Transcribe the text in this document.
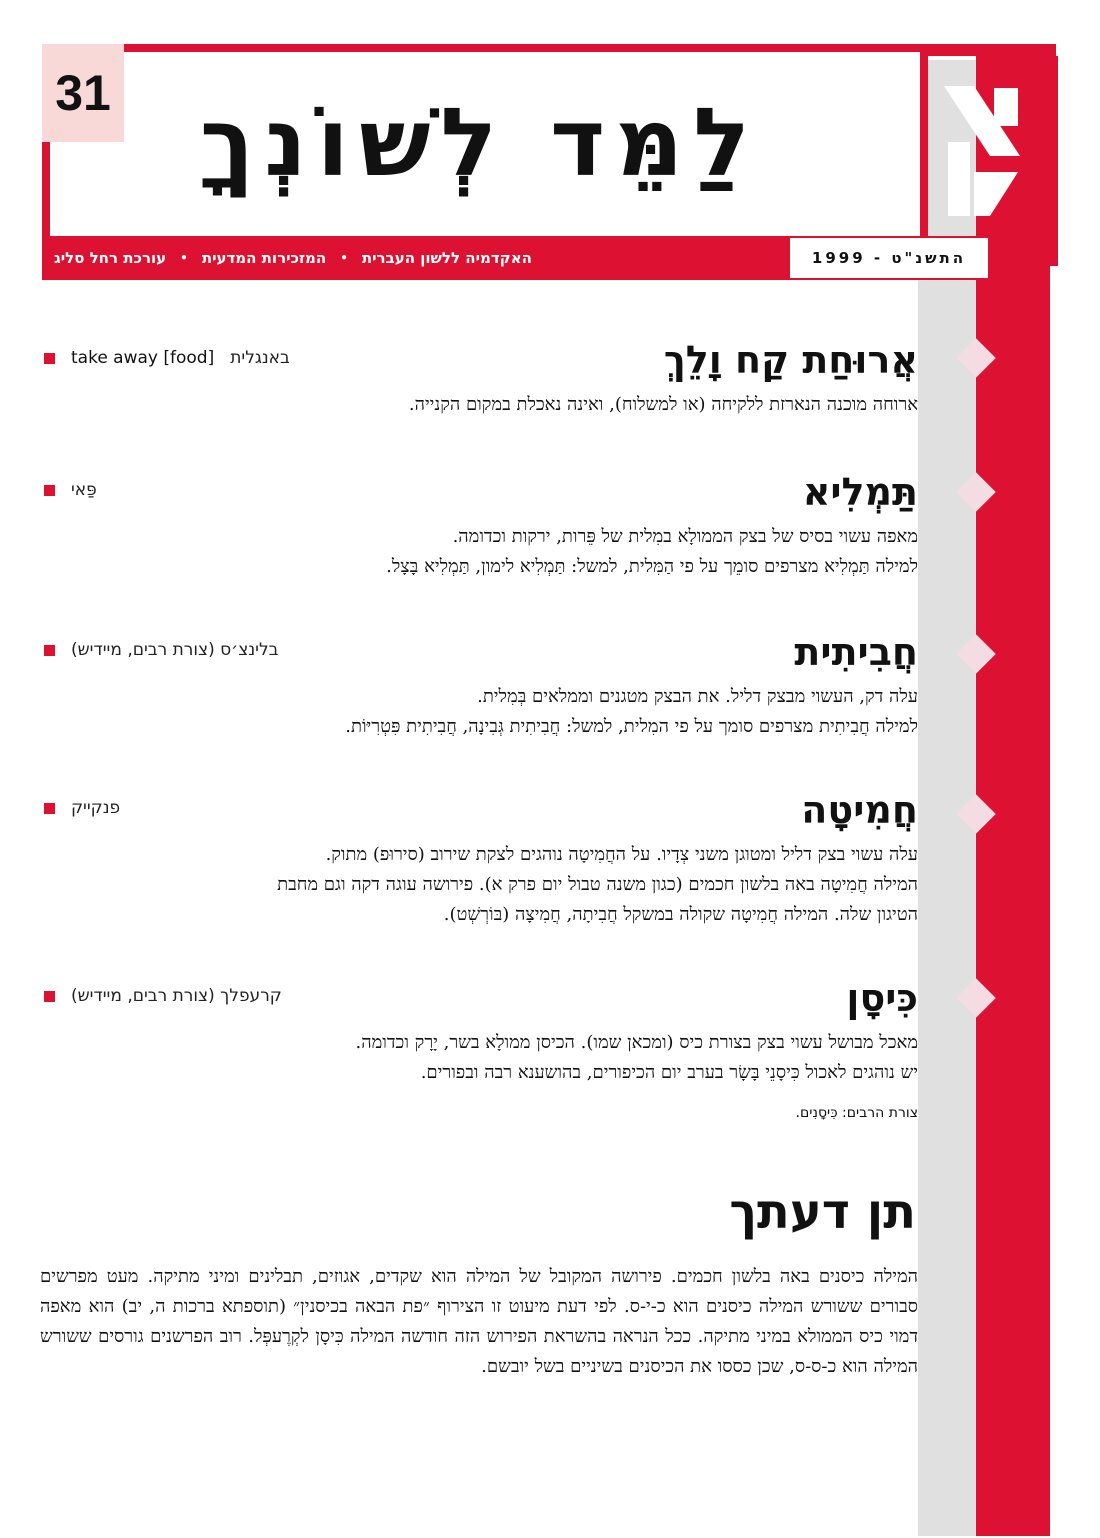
31 לַמֵּד לְשׁוֹנְךָ
התשנ"ט - 1999
האקדמיה ללשון העברית
•
המזכירות המדעית
•
עורכת רחל סליג
אֲרוּחַת קַח וָלֵךְ
take away [food] באנגלית

ארוחה מוכנה הנארזת ללקיחה (או למשלוח), ואינה נאכלת במקום הקנייה.

תַּמְלִיא
פַּאי

מאפה עשוי בסיס של בצק הממולָא במִלית של פֵּרות, ירקות וכדומה.

למילה תַּמְלִיא מצרפים סומֵך על פי הַמִּלית, למשל: תַּמְלִיא לימון, תַּמְלִיא בָּצָל.

חֲבִיתִית
בלינצ׳ס (צורת רבים, מיידיש)

עלה דק, העשוי מבצק דליל. את הבצק מטגנים וממלאים בְּמִלית.

למילה חֲבִיתִית מצרפים סומך על פי המִלית, למשל: חֲבִיתִית גְּבִינָה, חֲבִיתִית פִּטְרִיּוֹת.

חֲמִיטָה
פנקייק

עלה עשוי בצק דליל ומטוגן משני צְדָיו. על החֲמִיטָה נוהגים לצקת שירוב (סירוּפ) מתוק.

המילה חֲמִיטָה באה בלשון חכמים (כגון משנה טבול יום פרק א). פירושה עוגה דקה וגם מחבת

הטיגון שלה. המילה חֲמִיטָה שקולה במשקל חֲבִיתָה, חֲמִיצָה (בּוֹרְשְׁט).

כִּיסָן
קרעפלך (צורת רבים, מיידיש)

מאכל מבושל עשוי בצק בצורת כיס (ומכאן שמו). הכיסן ממולָא בשר, יָרָק וכדומה.

יש נוהגים לאכול כִּיסָנֵי בָּשָׂר בערב יום הכיפורים, בהושענא רבה ובפורים.

צורת הרבים: כִּיסָנִים.

תן דעתך
המילה כיסנים באה בלשון חכמים. פירושה המקובל של המילה הוא שקדים, אגוזים, תבלינים ומיני מתיקה. מעט מפרשים סבורים ששורש המילה כיסנים הוא כ-י-ס. לפי דעת מיעוט זו הצירוף ״פת הבאה בכיסנין״ (תוספתא ברכות ה, יב) הוא מאפה דמוי כיס הממולא במיני מתיקה. ככל הנראה בהשראת הפירוש הזה חודשה המילה כִּיסָן לקְרֶעפְּל. רוב הפרשנים גורסים ששורש המילה הוא כ-ס-ס, שכן כססו את הכיסנים בשיניים בשל יובשם.
